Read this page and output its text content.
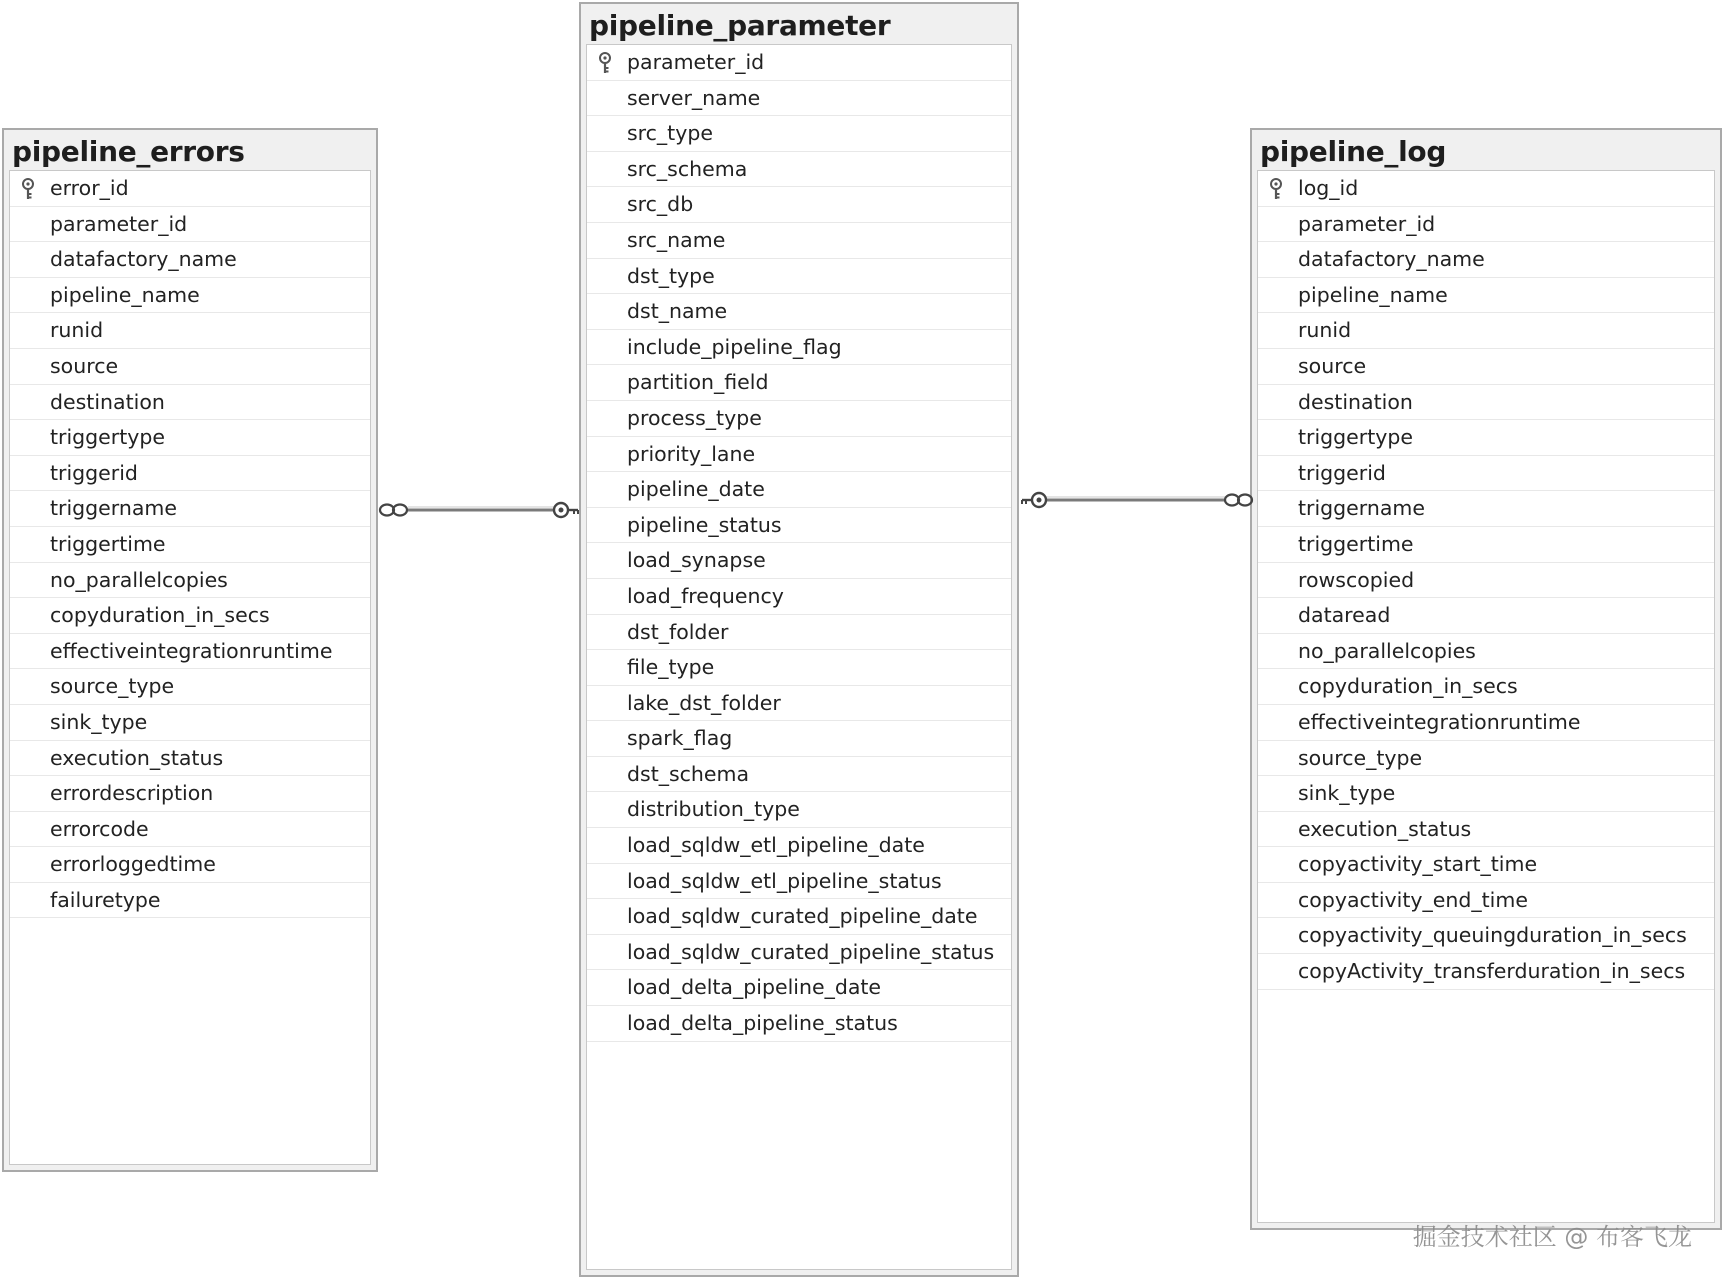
pipeline_errors
error_id
parameter_id
datafactory_name
pipeline_name
runid
source
destination
triggertype
triggerid
triggername
triggertime
no_parallelcopies
copyduration_in_secs
effectiveintegrationruntime
source_type
sink_type
execution_status
errordescription
errorcode
errorloggedtime
failuretype
pipeline_parameter
parameter_id
server_name
src_type
src_schema
src_db
src_name
dst_type
dst_name
include_pipeline_flag
partition_field
process_type
priority_lane
pipeline_date
pipeline_status
load_synapse
load_frequency
dst_folder
file_type
lake_dst_folder
spark_flag
dst_schema
distribution_type
load_sqldw_etl_pipeline_date
load_sqldw_etl_pipeline_status
load_sqldw_curated_pipeline_date
load_sqldw_curated_pipeline_status
load_delta_pipeline_date
load_delta_pipeline_status
pipeline_log
log_id
parameter_id
datafactory_name
pipeline_name
runid
source
destination
triggertype
triggerid
triggername
triggertime
rowscopied
dataread
no_parallelcopies
copyduration_in_secs
effectiveintegrationruntime
source_type
sink_type
execution_status
copyactivity_start_time
copyactivity_end_time
copyactivity_queuingduration_in_secs
copyActivity_transferduration_in_secs
掘金技术社区 @ 布客飞龙
